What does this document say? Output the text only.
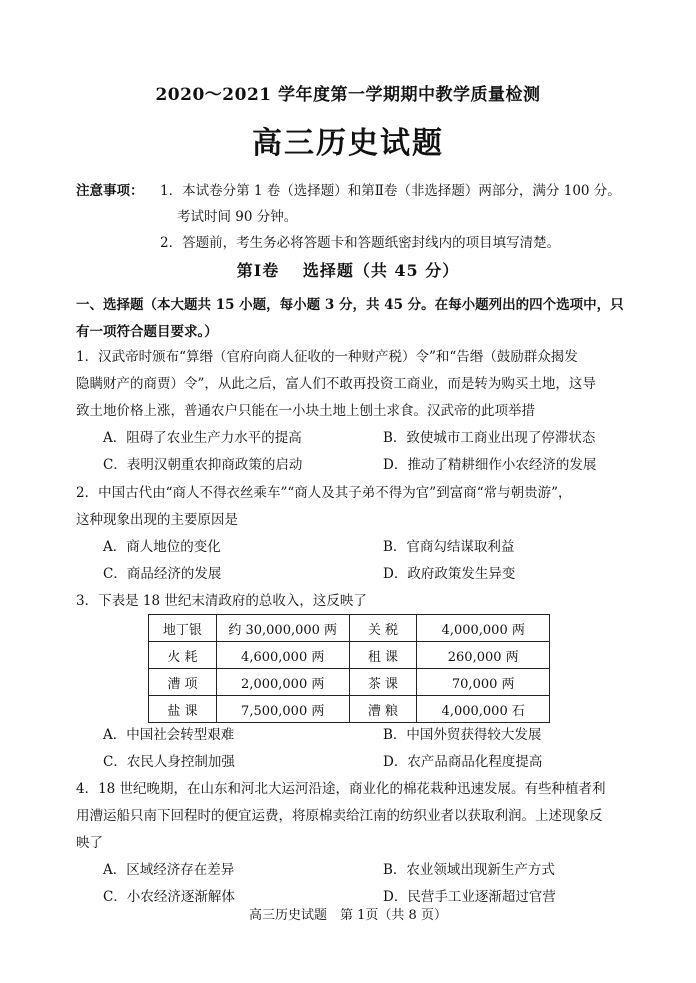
2020～2021 学年度第一学期期中教学质量检测
高三历史试题
注意事项： 1．本试卷分第 1 卷（选择题）和第Ⅱ卷（非选择题）两部分，满分 100 分。
考试时间 90 分钟。
2．答题前，考生务必将答题卡和答题纸密封线内的项目填写清楚。
第Ⅰ卷　 选择题（共 45 分）
一、选择题（本大题共 15 小题，每小题 3 分，共 45 分。在每小题列出的四个选项中，只
有一项符合题目要求。）
1．汉武帝时颁布“算缗（官府向商人征收的一种财产税）令”和“告缗（鼓励群众揭发
隐瞒财产的商贾）令”，从此之后，富人们不敢再投资工商业，而是转为购买土地，这导
致土地价格上涨，普通农户只能在一小块土地上刨土求食。汉武帝的此项举措
A．阻碍了农业生产力水平的提高	B．致使城市工商业出现了停滞状态
C．表明汉朝重农抑商政策的启动	D．推动了精耕细作小农经济的发展
2．中国古代由“商人不得衣丝乘车”“商人及其子弟不得为官”到富商“常与朝贵游”，
这种现象出现的主要原因是
A．商人地位的变化	B．官商勾结谋取利益
C．商品经济的发展	D．政府政策发生异变
3．下表是 18 世纪末清政府的总收入，这反映了
地丁银	约 30,000,000 两	关 税	4,000,000 两
火 耗	4,600,000 两	租 课	260,000 两
漕 项	2,000,000 两	茶 课	70,000 两
盐 课	7,500,000 两	漕 粮	4,000,000 石
A．中国社会转型艰难	B．中国外贸获得较大发展
C．农民人身控制加强	D．农产品商品化程度提高
4．18 世纪晚期，在山东和河北大运河沿途，商业化的棉花栽种迅速发展。有些种植者利
用漕运船只南下回程时的便宜运费，将原棉卖给江南的纺织业者以获取利润。上述现象反
映了
A．区域经济存在差异	B．农业领域出现新生产方式
C．小农经济逐渐解体	D．民营手工业逐渐超过官营
高三历史试题　第 1页（共 8 页）
